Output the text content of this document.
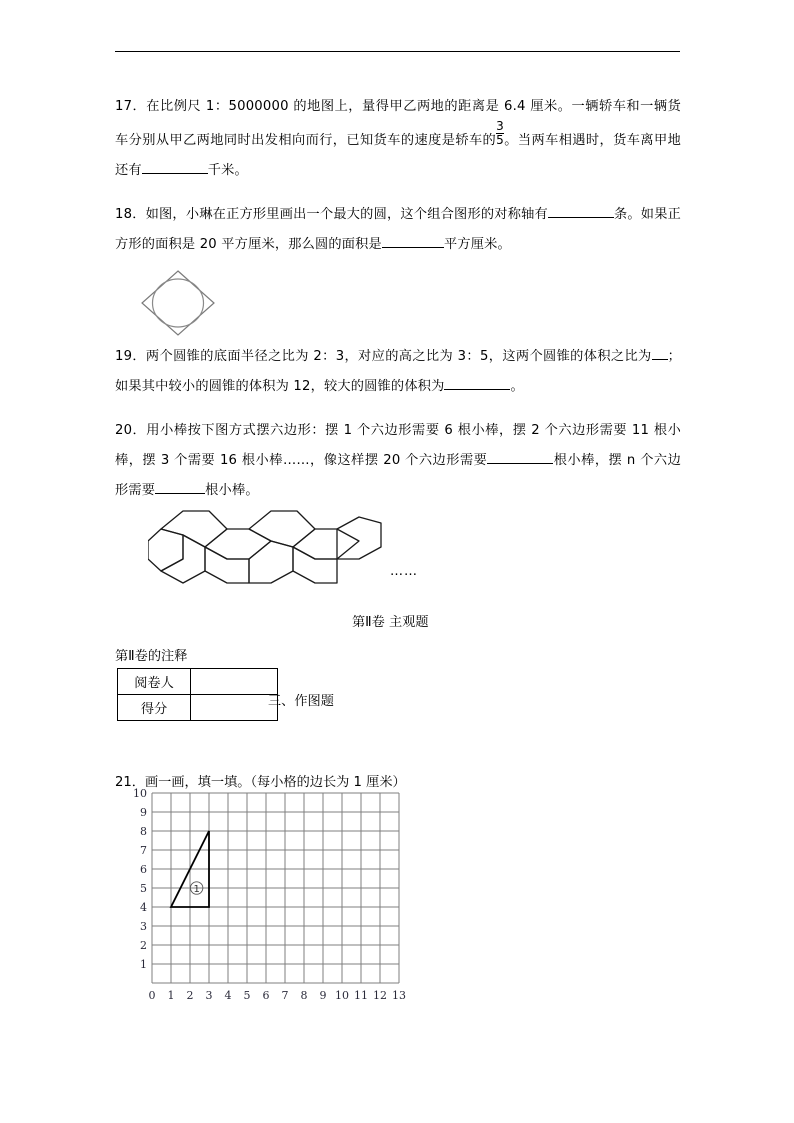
17．在比例尺 1：5000000 的地图上，量得甲乙两地的距离是 6.4 厘米。一辆轿车和一辆货车分别从甲乙两地同时出发相向而行，已知货车的速度是轿车的 $\frac{3}{5}$ 。当两车相遇时，货车离甲地还有	千米。
18．如图，小琳在正方形里画出一个最大的圆，这个组合图形的对称轴有	条。如果正方形的面积是 20 平方厘米，那么圆的面积是	平方厘米。
19．两个圆锥的底面半径之比为 2：3，对应的高之比为 3：5，这两个圆锥的体积之比为 ；如果其中较小的圆锥的体积为 12，较大的圆锥的体积为	。
20．用小棒按下图方式摆六边形：摆 1 个六边形需要 6 根小棒，摆 2 个六边形需要 11 根小棒，摆 3 个需要 16 根小棒……，像这样摆 20 个六边形需要	根小棒，摆 n 个六边形需要	根小棒。
……
第Ⅱ卷 主观题
第Ⅱ卷的注释
阅卷人	
得分	
三、作图题
21．画一画，填一填。（每小格的边长为 1 厘米）
1
2
3
4
5
6
7
8
9
10
0 1 2 3 4 5 6 7 8 9 10 11 12 13
1
